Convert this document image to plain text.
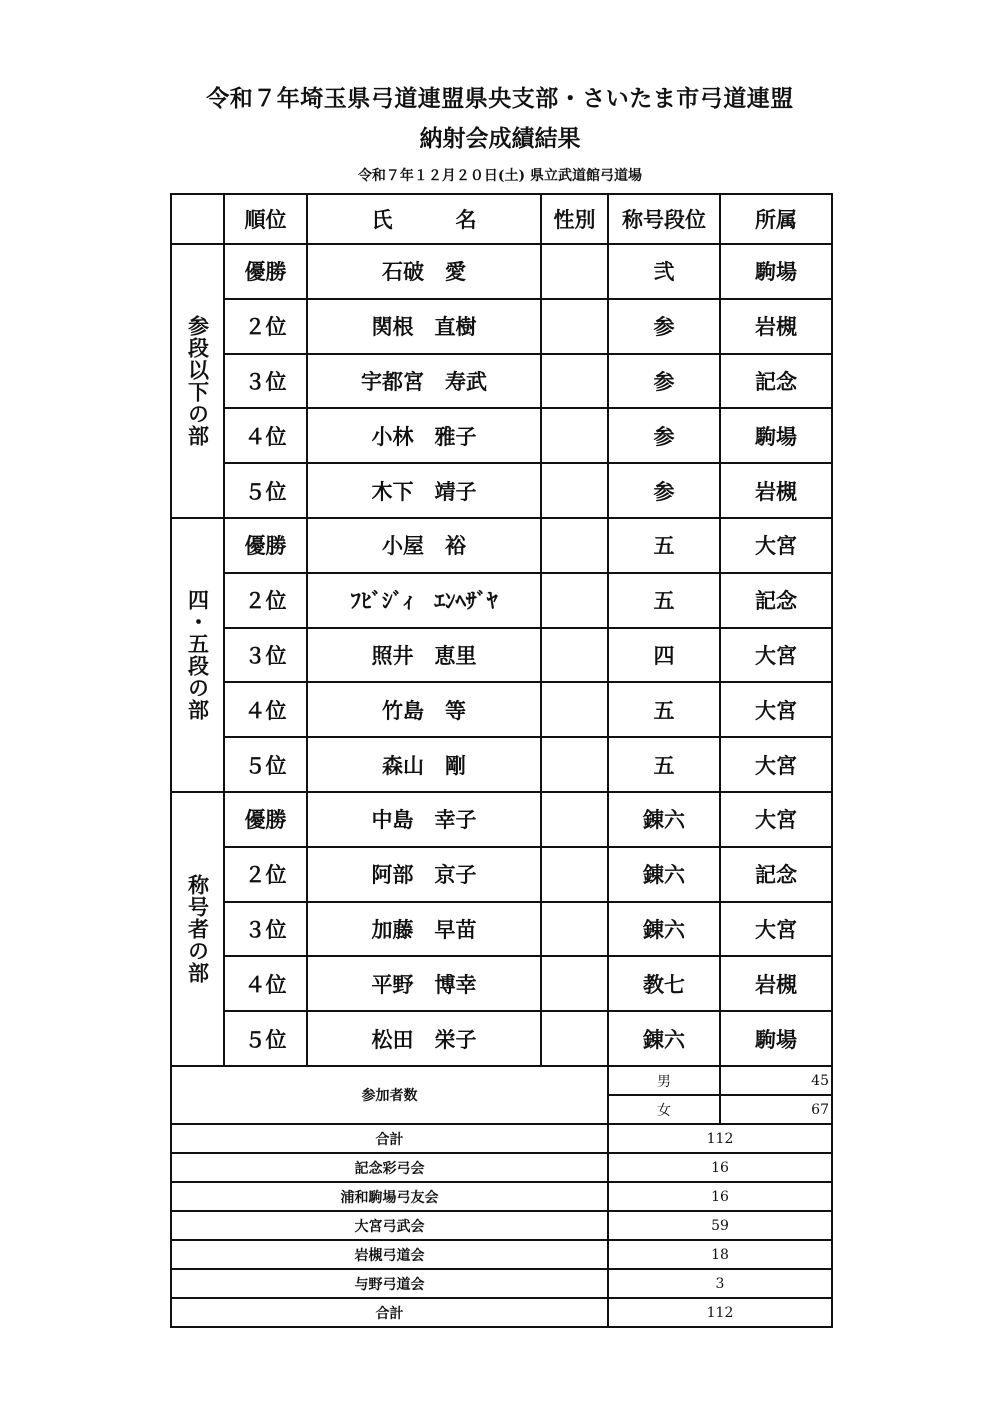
令和７年埼玉県弓道連盟県央支部・さいたま市弓道連盟
納射会成績結果
令和７年１２月２０日(土) 県立武道館弓道場
	順位	氏　　　名	性別	称号段位	所属
参段以下の部	優勝	石破　愛		弐	駒場
	２位	関根　直樹		参	岩槻
	３位	宇都宮　寿武		参	記念
	４位	小林　雅子		参	駒場
	５位	木下　靖子		参	岩槻
四・五段の部	優勝	小屋　裕		五	大宮
	２位	ﾌﾋﾞｼﾞｨ　ｴﾝﾍｻﾞﾔ		五	記念
	３位	照井　恵里		四	大宮
	４位	竹島　等		五	大宮
	５位	森山　剛		五	大宮
称号者の部	優勝	中島　幸子		錬六	大宮
	２位	阿部　京子		錬六	記念
	３位	加藤　早苗		錬六	大宮
	４位	平野　博幸		教七	岩槻
	５位	松田　栄子		錬六	駒場
参加者数	男	45
	女	67
合計	112	
記念彩弓会	16	
浦和駒場弓友会	16	
大宮弓武会	59	
岩槻弓道会	18	
与野弓道会	3	
合計	112	
